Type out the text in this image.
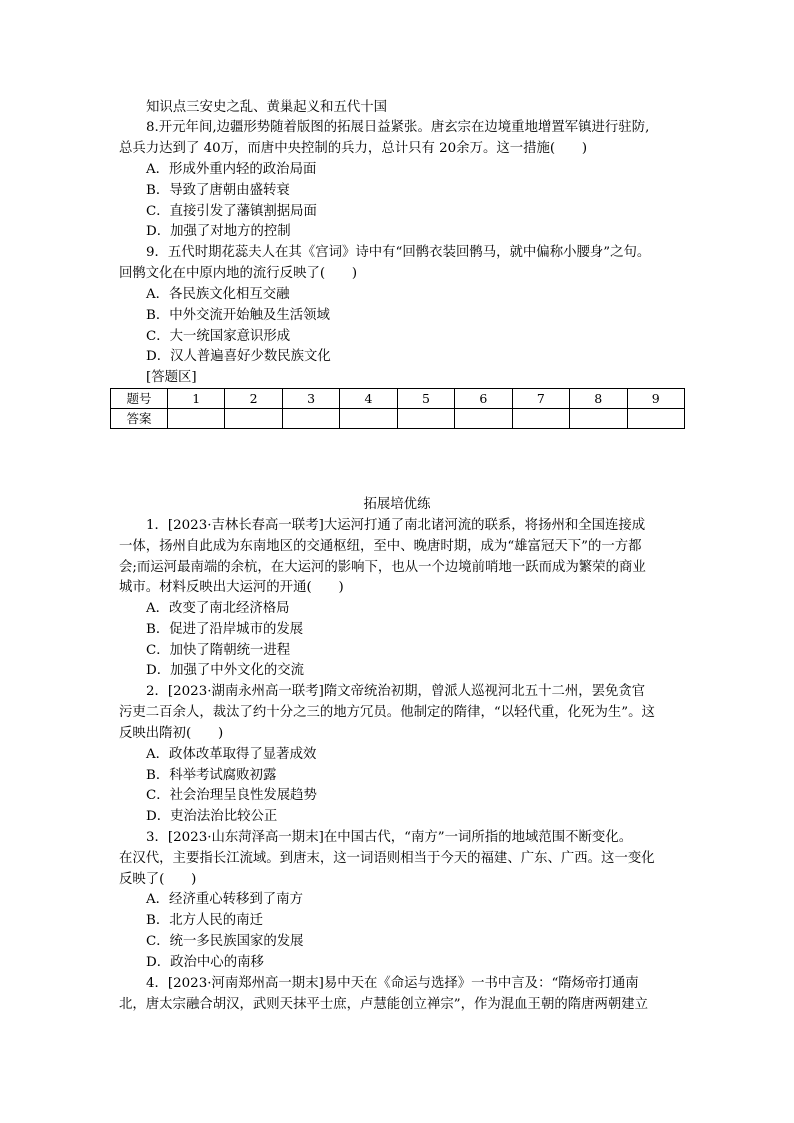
知识点三安史之乱、黄巢起义和五代十国
8.开元年间,边疆形势随着版图的拓展日益紧张。唐玄宗在边境重地增置军镇进行驻防,
总兵力达到了 40万，而唐中央控制的兵力，总计只有 20余万。这一措施(　　)
A．形成外重内轻的政治局面
B．导致了唐朝由盛转衰
C．直接引发了藩镇割据局面
D．加强了对地方的控制
9．五代时期花蕊夫人在其《宫词》诗中有“回鹘衣装回鹘马，就中偏称小腰身”之句。
回鹘文化在中原内地的流行反映了(　　)
A．各民族文化相互交融
B．中外交流开始触及生活领域
C．大一统国家意识形成
D．汉人普遍喜好少数民族文化
[答题区]
题号	1	2	3	4	5	6	7	8	9
答案									
拓展培优练
1．[2023·吉林长春高一联考]大运河打通了南北诸河流的联系，将扬州和全国连接成
一体，扬州自此成为东南地区的交通枢纽，至中、晚唐时期，成为“雄富冠天下”的一方都
会;而运河最南端的余杭，在大运河的影响下，也从一个边境前哨地一跃而成为繁荣的商业
城市。材料反映出大运河的开通(　　)
A．改变了南北经济格局
B．促进了沿岸城市的发展
C．加快了隋朝统一进程
D．加强了中外文化的交流
2．[2023·湖南永州高一联考]隋文帝统治初期，曾派人巡视河北五十二州，罢免贪官
污吏二百余人，裁汰了约十分之三的地方冗员。他制定的隋律，“以轻代重，化死为生”。这
反映出隋初(　　)
A．政体改革取得了显著成效
B．科举考试腐败初露
C．社会治理呈良性发展趋势
D．吏治法治比较公正
3．[2023·山东菏泽高一期末]在中国古代，“南方”一词所指的地域范围不断变化。
在汉代，主要指长江流域。到唐末，这一词语则相当于今天的福建、广东、广西。这一变化
反映了(　　)
A．经济重心转移到了南方
B．北方人民的南迁
C．统一多民族国家的发展
D．政治中心的南移
4．[2023·河南郑州高一期末]易中天在《命运与选择》一书中言及：“隋炀帝打通南
北，唐太宗融合胡汉，武则天抹平士庶，卢慧能创立禅宗”，作为混血王朝的隋唐两朝建立
